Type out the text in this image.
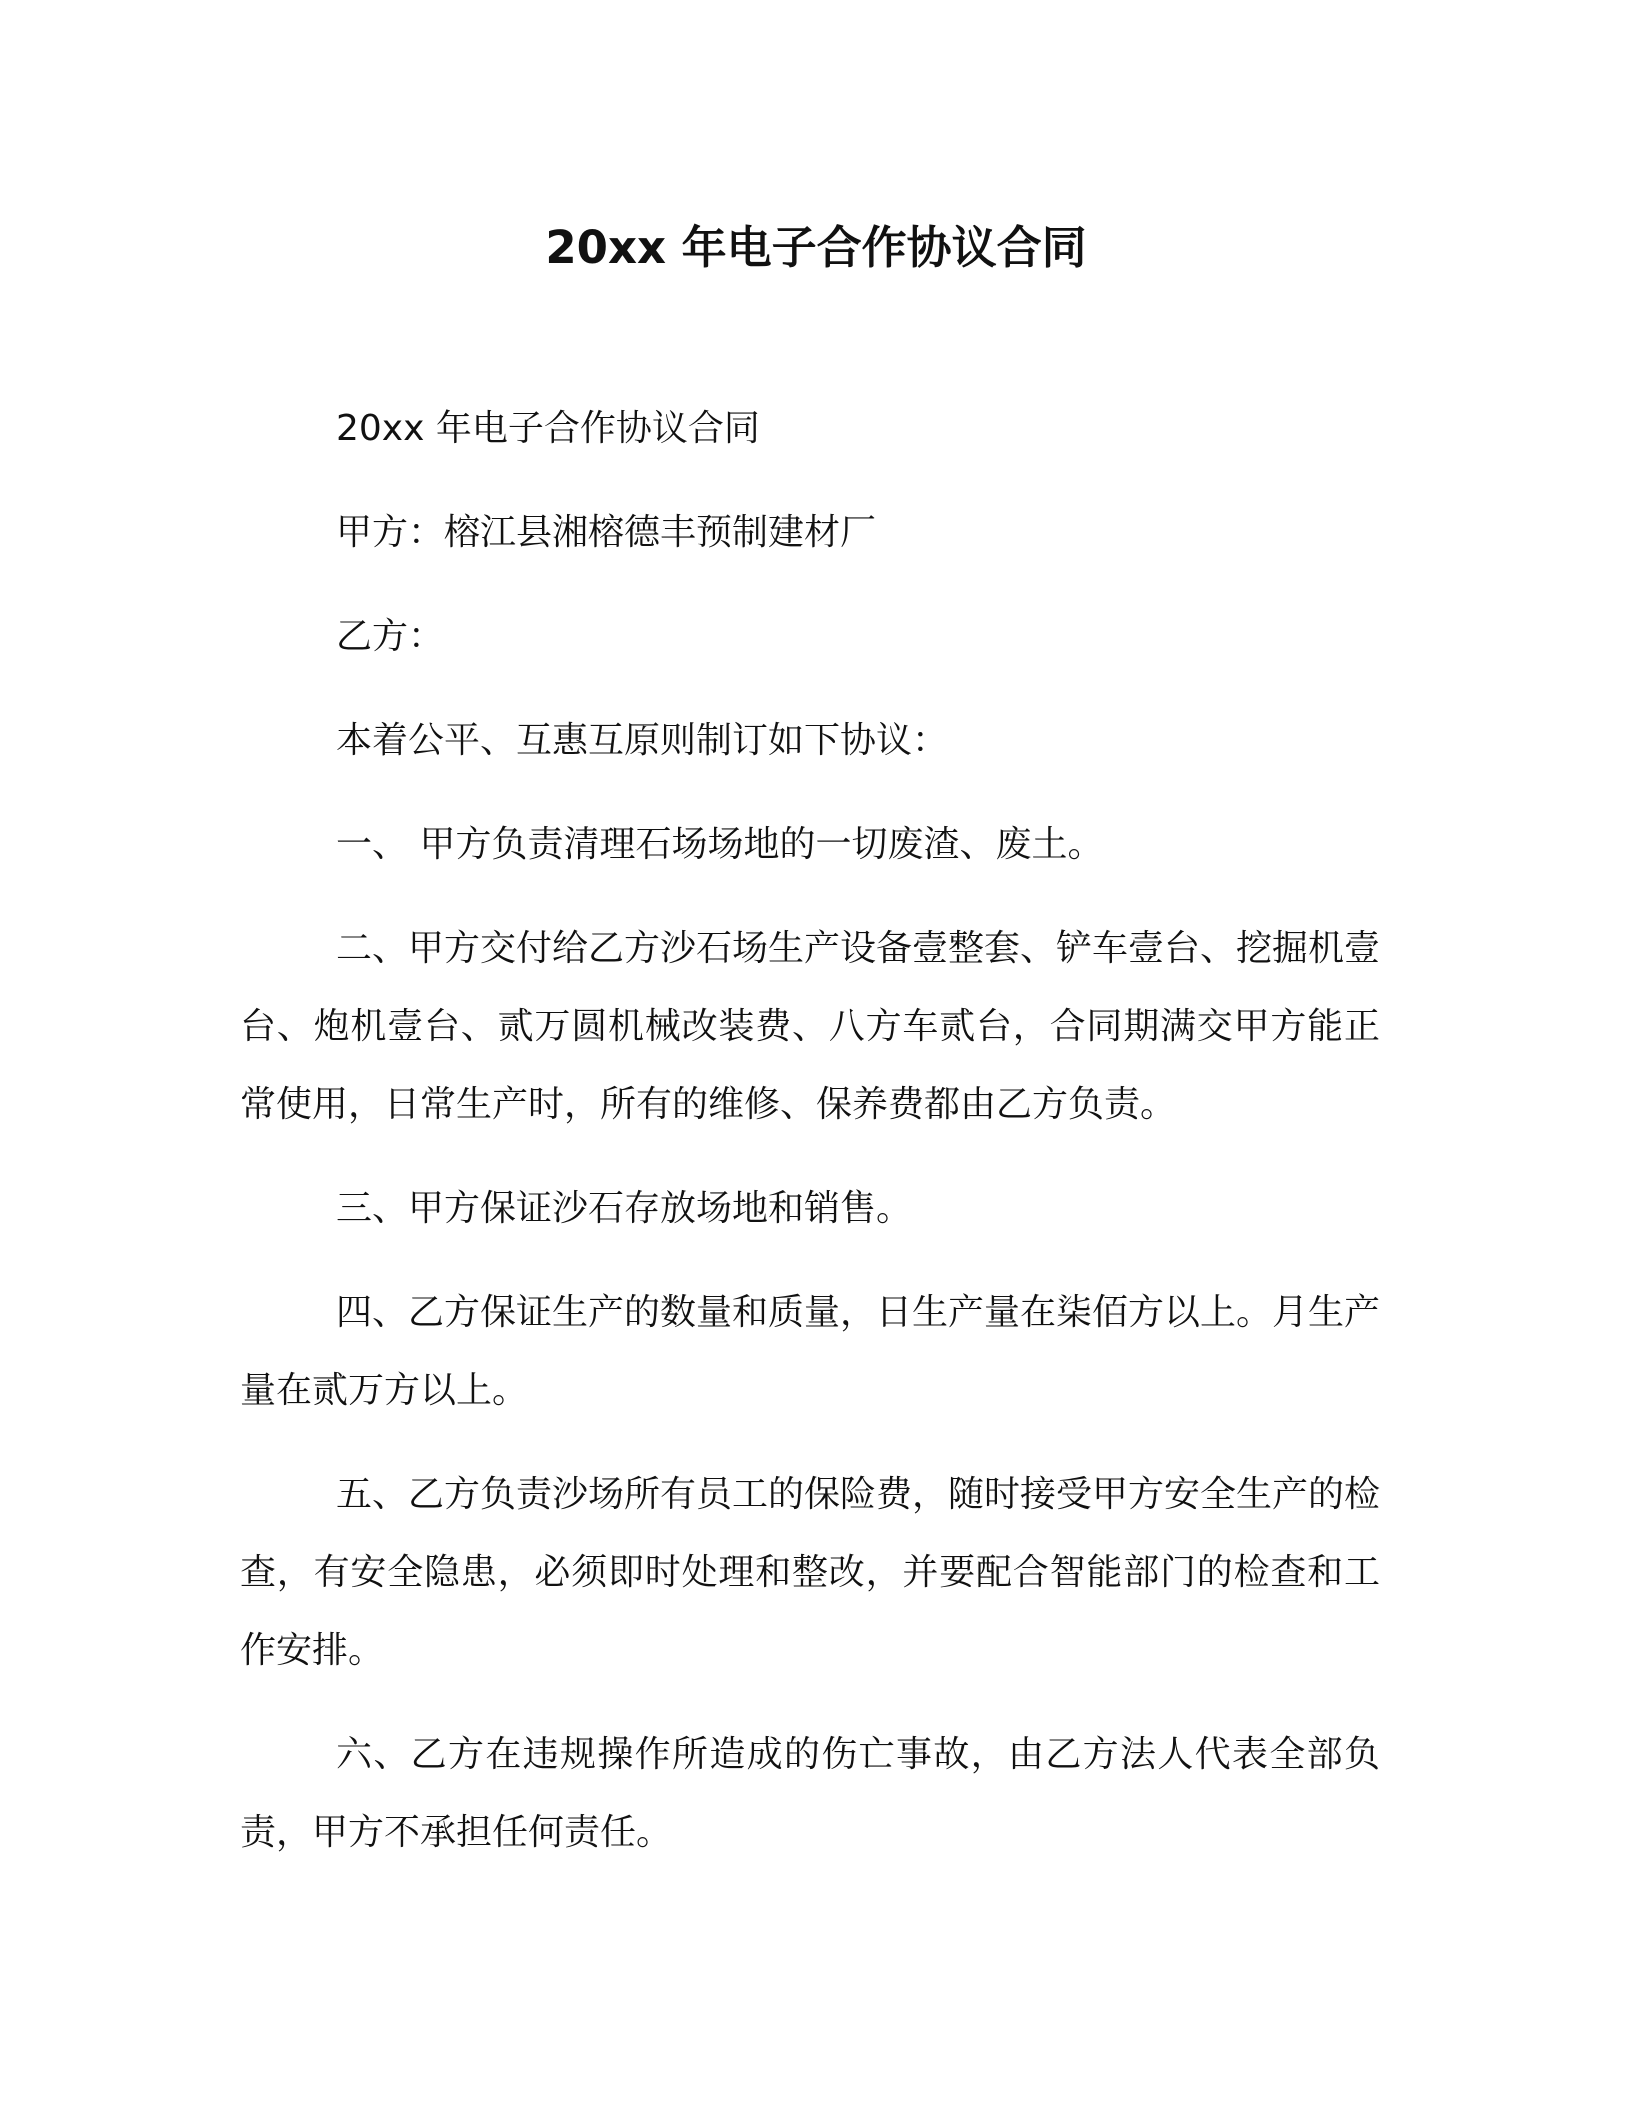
20xx 年电子合作协议合同

20xx 年电子合作协议合同

甲方：榕江县湘榕德丰预制建材厂

乙方：

本着公平、互惠互原则制订如下协议：

一、 甲方负责清理石场场地的一切废渣、废土。

二、甲方交付给乙方沙石场生产设备壹整套、铲车壹台、挖掘机壹台、炮机壹台、贰万圆机械改装费、八方车贰台，合同期满交甲方能正常使用，日常生产时，所有的维修、保养费都由乙方负责。

三、甲方保证沙石存放场地和销售。

四、乙方保证生产的数量和质量，日生产量在柒佰方以上。月生产量在贰万方以上。

五、乙方负责沙场所有员工的保险费，随时接受甲方安全生产的检查，有安全隐患，必须即时处理和整改，并要配合智能部门的检查和工作安排。

六、乙方在违规操作所造成的伤亡事故，由乙方法人代表全部负责，甲方不承担任何责任。
